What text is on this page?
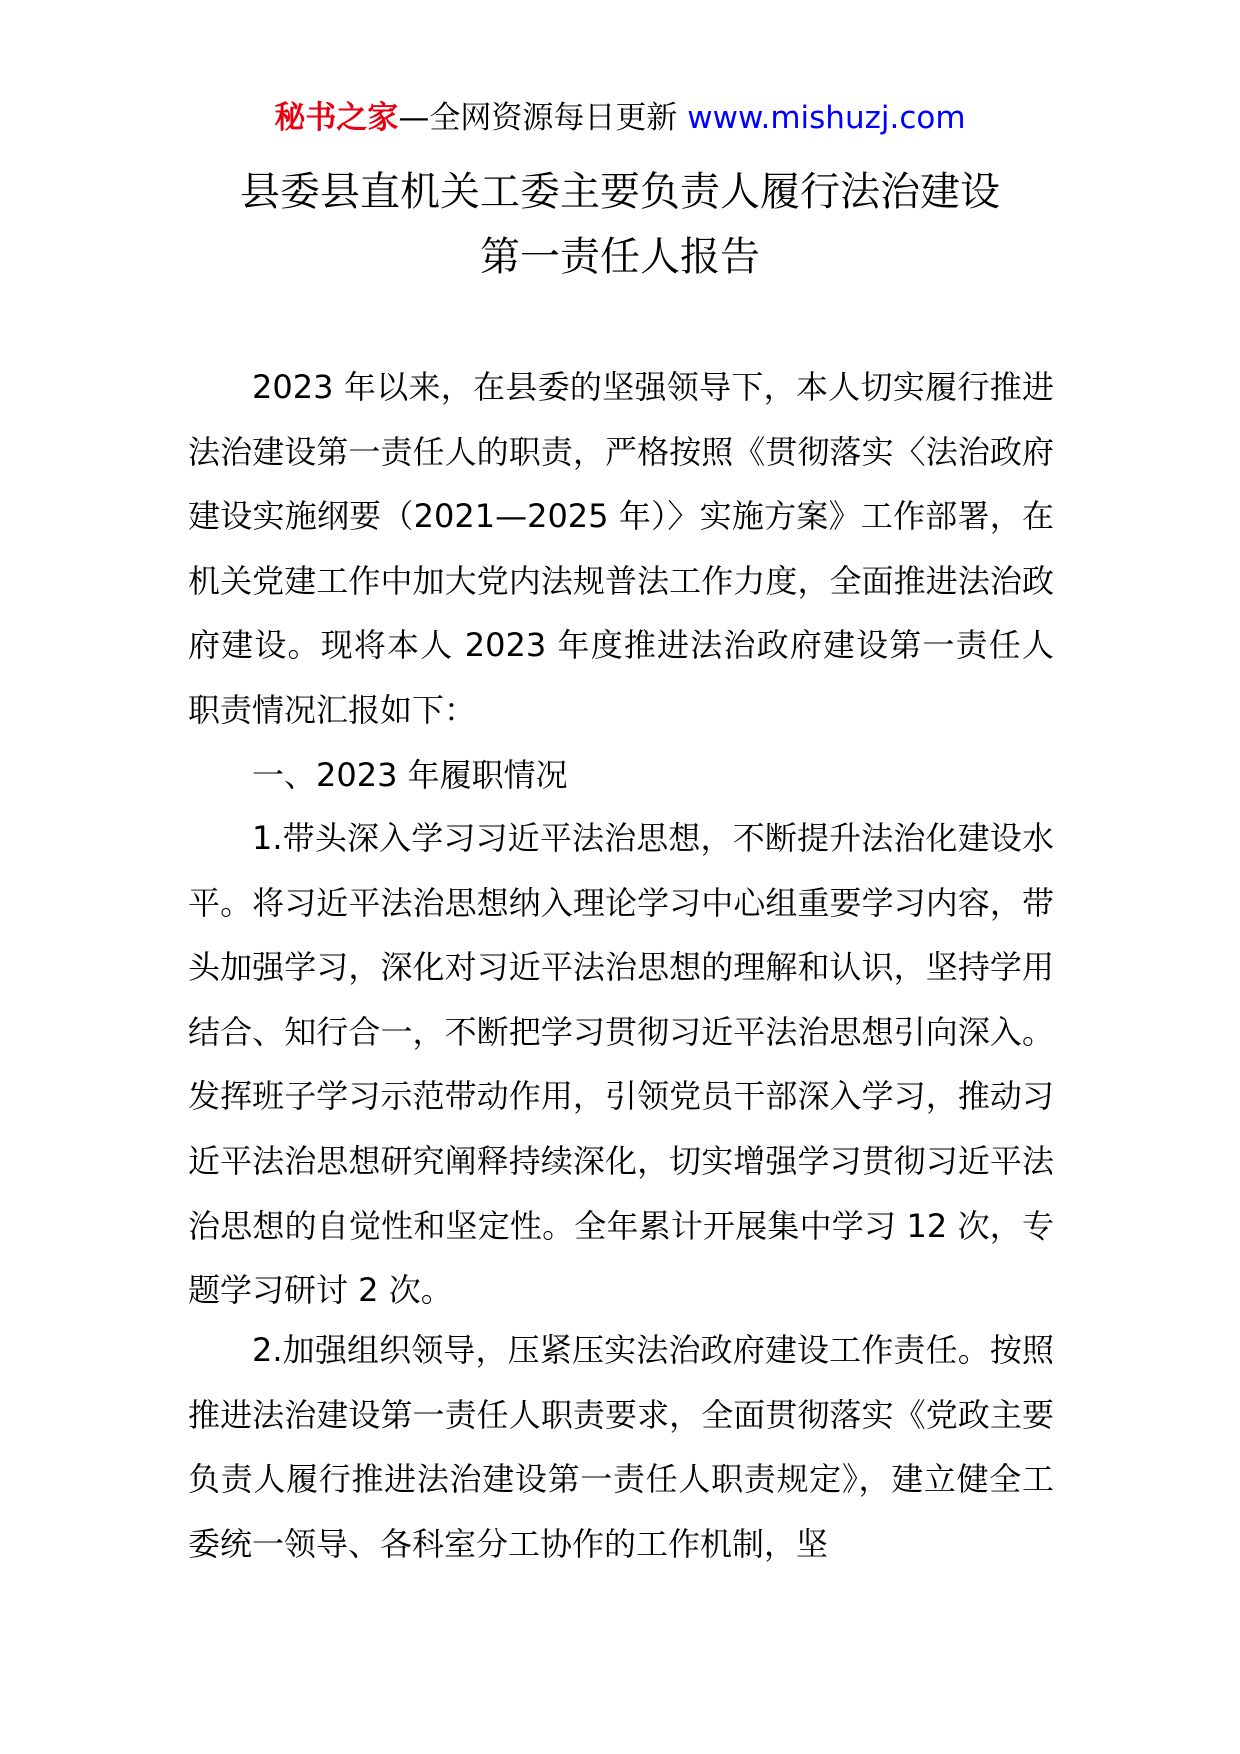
秘书之家—全网资源每日更新 www.mishuzj.com
县委县直机关工委主要负责人履行法治建设
第一责任人报告

2023 年以来，在县委的坚强领导下，本人切实履行推进法治建设第一责任人的职责，严格按照《贯彻落实〈法治政府建设实施纲要（2021—2025 年）〉实施方案》工作部署，在机关党建工作中加大党内法规普法工作力度，全面推进法治政府建设。现将本人 2023 年度推进法治政府建设第一责任人职责情况汇报如下：

一、2023 年履职情况

1.带头深入学习习近平法治思想，不断提升法治化建设水平。将习近平法治思想纳入理论学习中心组重要学习内容，带头加强学习，深化对习近平法治思想的理解和认识，坚持学用结合、知行合一，不断把学习贯彻习近平法治思想引向深入。发挥班子学习示范带动作用，引领党员干部深入学习，推动习近平法治思想研究阐释持续深化，切实增强学习贯彻习近平法治思想的自觉性和坚定性。全年累计开展集中学习 12 次，专题学习研讨 2 次。

2.加强组织领导，压紧压实法治政府建设工作责任。按照推进法治建设第一责任人职责要求，全面贯彻落实《党政主要负责人履行推进法治建设第一责任人职责规定》，建立健全工委统一领导、各科室分工协作的工作机制，坚
